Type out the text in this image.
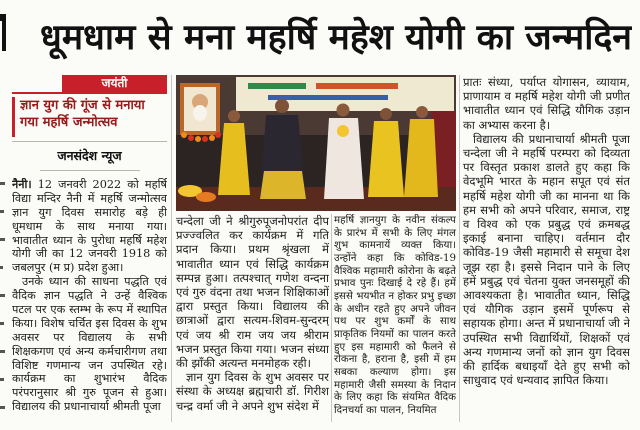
धूमधाम से मना महर्षि महेश योगी का जन्मदिन
जयंती
ज्ञान युग की गूंज से मनाया गया महर्षि जन्मोत्सव
जनसंदेश न्यूज

नैनी। 12 जनवरी 2022 को महर्षि विद्या मन्दिर नैनी में महर्षि जन्मोत्सव ज्ञान युग दिवस समारोह बड़े ही धूमधाम के साथ मनाया गया। भावातीत ध्यान के पुरोधा महर्षि महेश योगी जी का 12 जनवरी 1918 को जबलपुर (म प्र) प्रदेश हुआ।

उनके ध्यान की साधना पद्धति एवं वैदिक ज्ञान पद्धति ने उन्हें वैश्विक पटल पर एक स्तम्भ के रूप में स्थापित किया। विशेष चर्चित इस दिवस के शुभ अवसर पर विद्यालय के सभी शिक्षकगण एवं अन्य कर्मचारीगण तथा विशिष्ट गणमान्य जन उपस्थित रहे। कार्यक्रम का शुभारंभ वैदिक परंपरानुसार श्री गुरु पूजन से हुआ। विद्यालय की प्रधानाचार्या श्रीमती पूजा

चन्देला जी ने श्रीगुरुपूजनोपरांत दीप प्रज्ज्वलित कर कार्यक्रम में गति प्रदान किया। प्रथम श्रृंखला में भावातीत ध्यान एवं सिद्धि कार्यक्रम सम्पन्न हुआ। तत्पश्चात् गणेश वन्दना एवं गुरु वंदना तथा भजन शिक्षिकाओं द्वारा प्रस्तुत किया। विद्यालय की छात्राओं द्वारा सत्यम-शिवम-सुन्दरम् एवं जय श्री राम जय जय श्रीराम भजन प्रस्तुत किया गया। भजन संध्या की झाँकी अत्यन्त मनमोहक रही।

ज्ञान युग दिवस के शुभ अवसर पर संस्था के अध्यक्ष ब्रह्मचारी डॉ. गिरीश चन्द्र वर्मा जी ने अपने शुभ संदेश में

महर्षि ज्ञानयुग के नवीन संकल्प के प्रारंभ में सभी के लिए मंगल शुभ कामनायें व्यक्त किया। उन्होंने कहा कि कोविड-19 वैश्विक महामारी कोरोना के बढ़ते प्रभाव पुनः दिखाई दे रहे हैं। हमें इससे भयभीत न होकर प्रभु इच्छा के अधीन रहते हुए अपने जीवन पथ पर शुभ कर्मों के साथ प्राकृतिक नियमों का पालन करते हुए इस महामारी को फैलने से रोकना है, हराना है, इसी में हम सबका कल्याण होगा। इस महामारी जैसी समस्या के निदान के लिए कहा कि संयमित वैदिक दिनचर्या का पालन, नियमित

प्रातः संध्या, पर्याप्त योगासन, व्यायाम, प्राणायाम व महर्षि महेश योगी जी प्रणीत भावातीत ध्यान एवं सिद्धि यौगिक उड़ान का अभ्यास करना है।

विद्यालय की प्रधानाचार्या श्रीमती पूजा चन्देला जी ने महर्षि परम्परा को दिव्यता पर विस्तृत प्रकाश डालते हुए कहा कि वेदभूमि भारत के महान सपूत एवं संत महर्षि महेश योगी जी का मानना था कि हम सभी को अपने परिवार, समाज, राष्ट्र व विश्व को एक प्रबुद्ध एवं क्रमबद्ध इकाई बनाना चाहिए। वर्तमान दौर कोविड-19 जैसी महामारी से समूचा देश जूझ रहा है। इससे निदान पाने के लिए हमें प्रबुद्ध एवं चेतना युक्त जनसमूहों की आवश्यकता है। भावातीत ध्यान, सिद्धि एवं यौगिक उड़ान इसमें पूर्णरूप से सहायक होगा। अन्त में प्रधानाचार्या जी ने उपस्थित सभी विद्यार्थियों, शिक्षकों एवं अन्य गणमान्य जनों को ज्ञान युग दिवस की हार्दिक बधाइयाँ देते हुए सभी को साधुवाद एवं धन्यवाद ज्ञापित किया।
